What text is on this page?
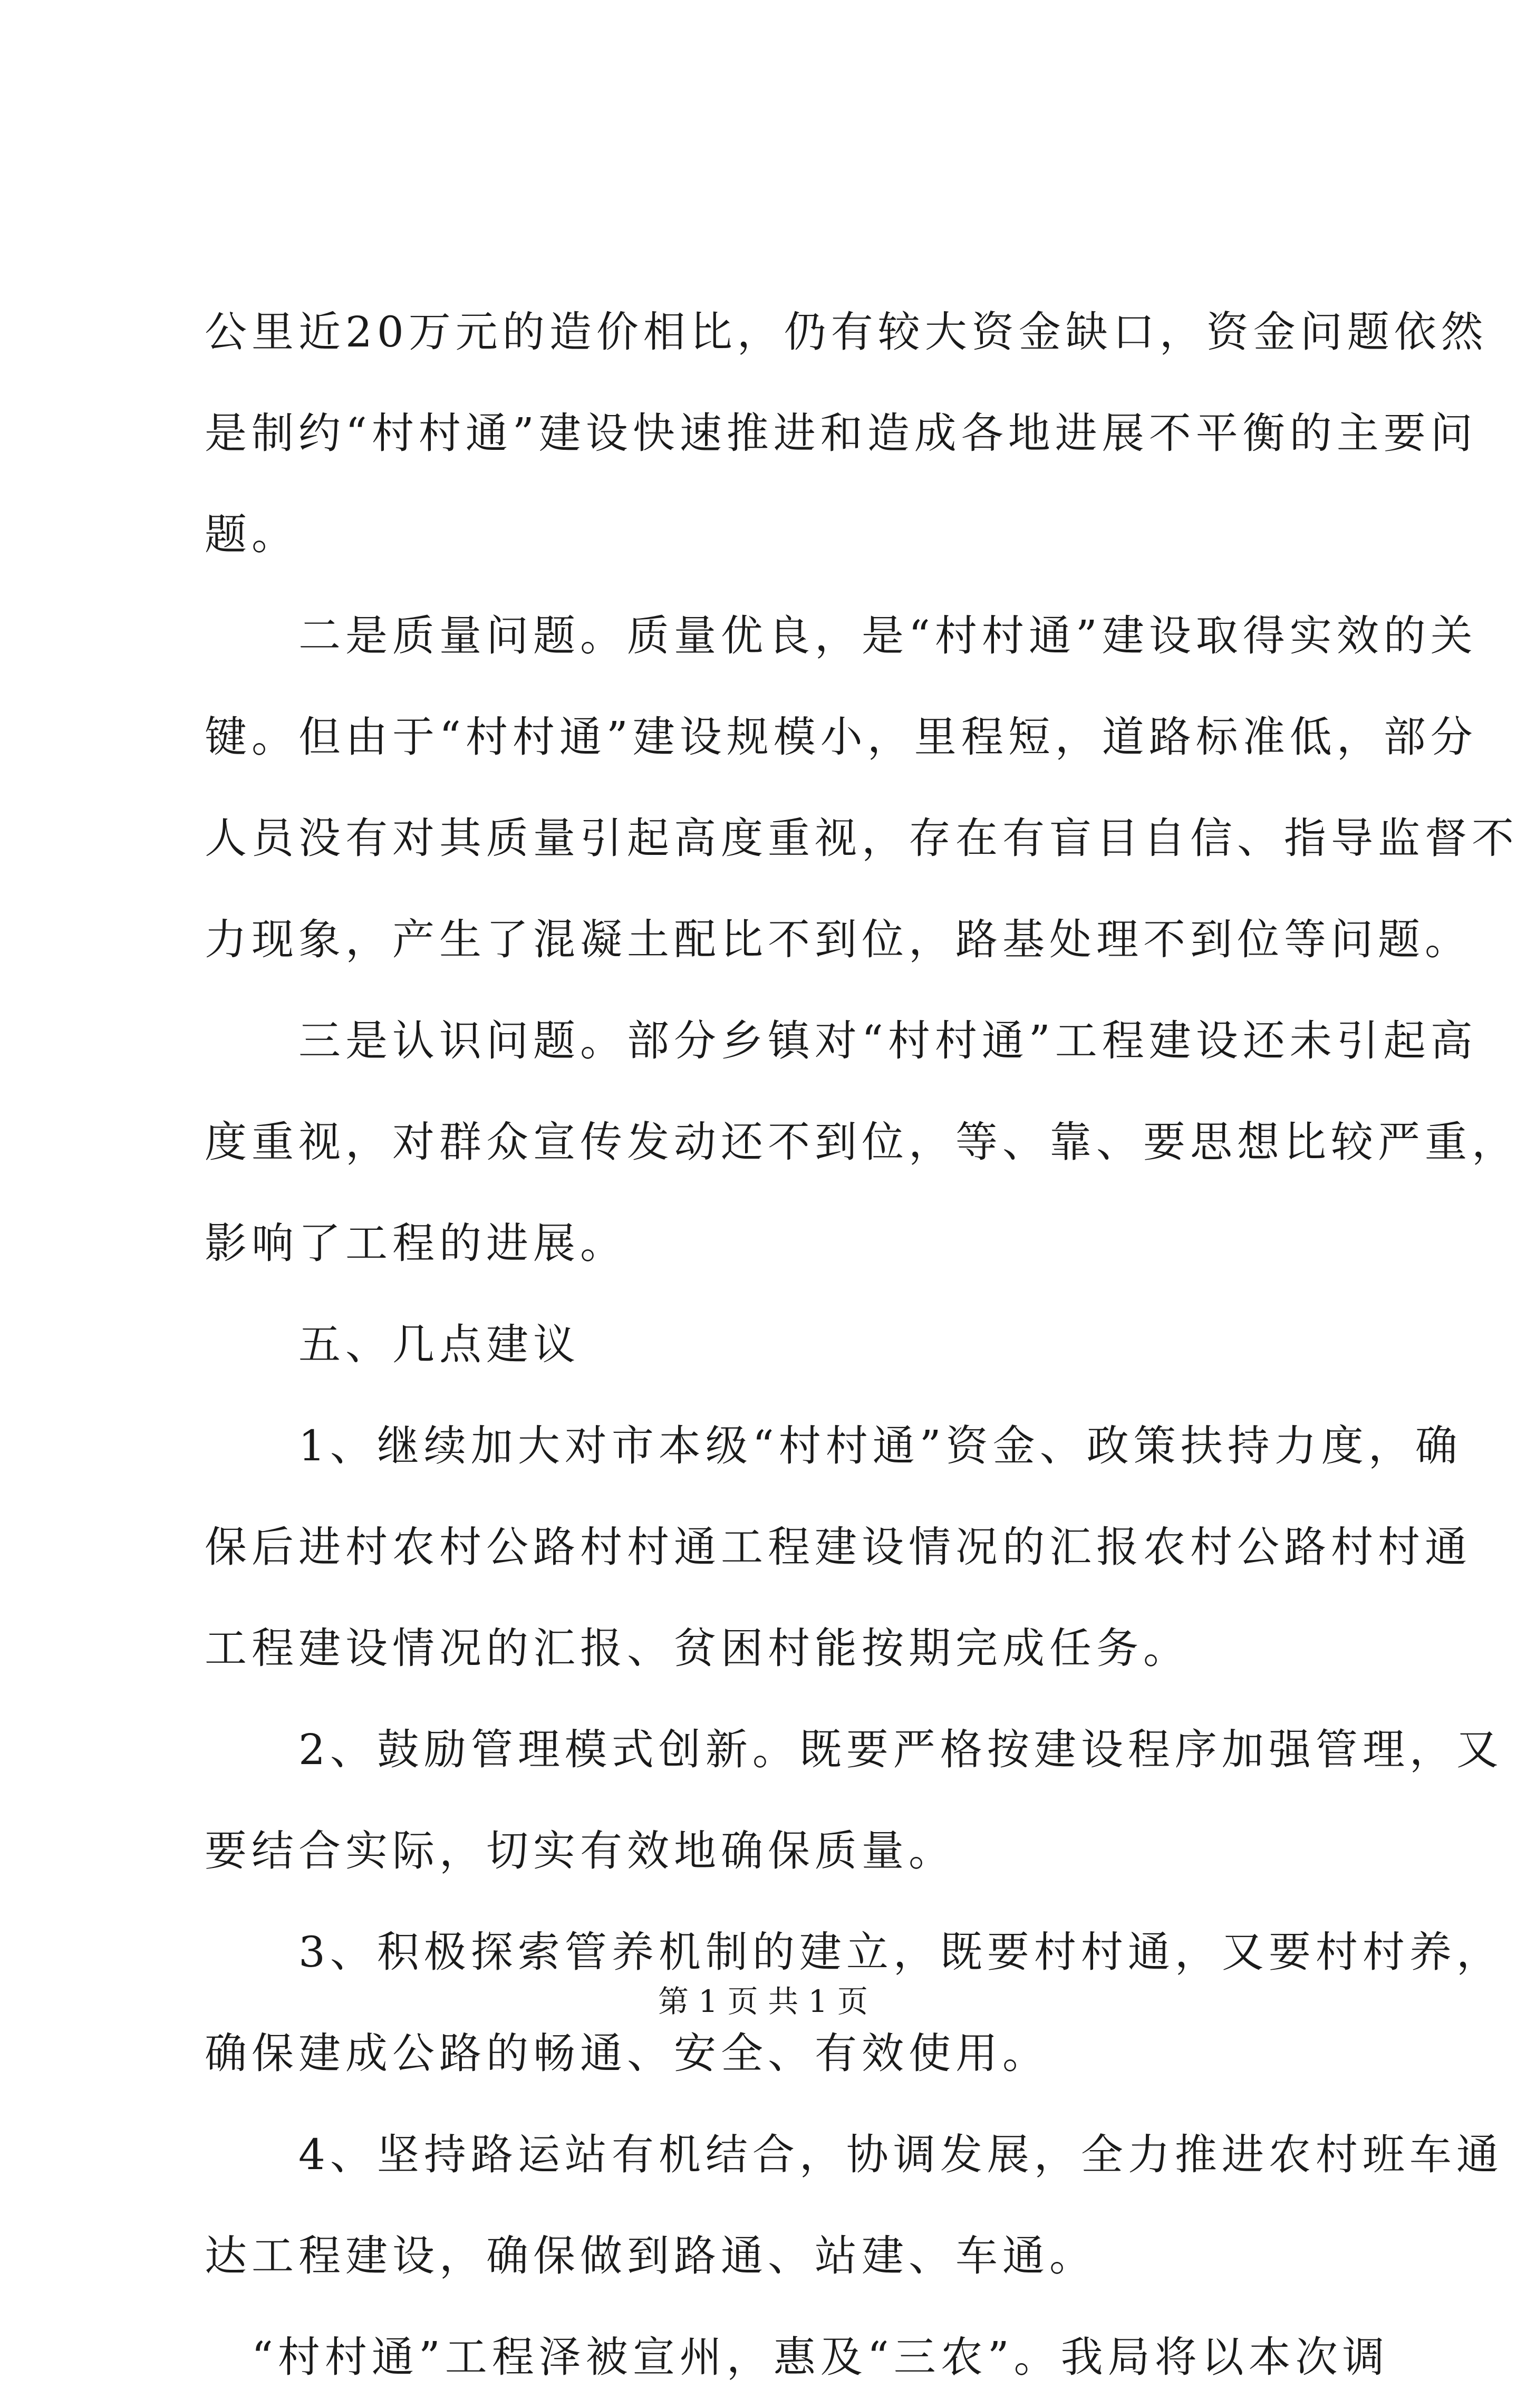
公里近20万元的造价相比，仍有较大资金缺口，资金问题依然
是制约“村村通”建设快速推进和造成各地进展不平衡的主要问
题。
　　二是质量问题。质量优良，是“村村通”建设取得实效的关
键。但由于“村村通”建设规模小，里程短，道路标准低，部分
人员没有对其质量引起高度重视，存在有盲目自信、指导监督不
力现象，产生了混凝土配比不到位，路基处理不到位等问题。
　　三是认识问题。部分乡镇对“村村通”工程建设还未引起高
度重视，对群众宣传发动还不到位，等、靠、要思想比较严重，
影响了工程的进展。
　　五、几点建议
　　1、继续加大对市本级“村村通”资金、政策扶持力度，确
保后进村农村公路村村通工程建设情况的汇报农村公路村村通
工程建设情况的汇报、贫困村能按期完成任务。
　　2、鼓励管理模式创新。既要严格按建设程序加强管理，又
要结合实际，切实有效地确保质量。
　　3、积极探索管养机制的建立，既要村村通，又要村村养，
确保建成公路的畅通、安全、有效使用。
　　4、坚持路运站有机结合，协调发展，全力推进农村班车通
达工程建设，确保做到路通、站建、车通。
　“村村通”工程泽被宣州，惠及“三农”。我局将以本次调
第 1 页 共 1 页
